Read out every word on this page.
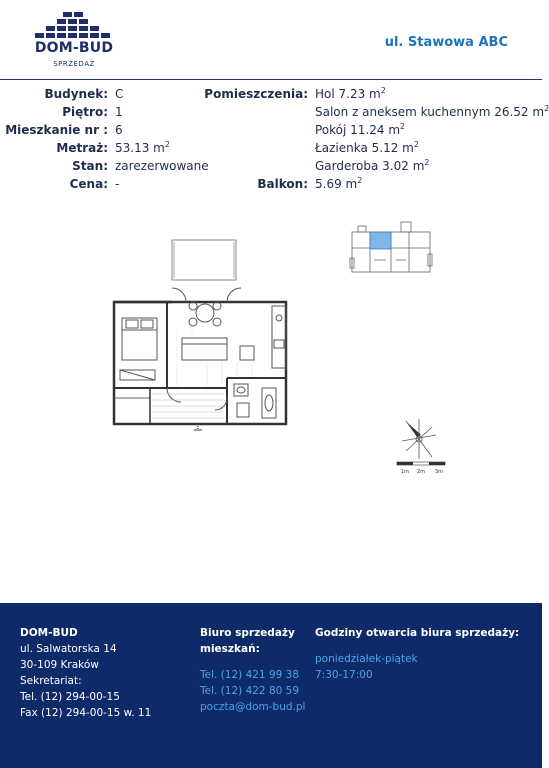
DOM-BUD
SPRZEDAŻ
ul. Stawowa ABC
Budynek: C
Piętro: 1
Mieszkanie nr : 6
Metraż: 53.13 $m^2$
Stan: zarezerwowane
Cena: -
Pomieszczenia: Hol 7.23 $m^2$
Salon z aneksem kuchennym 26.52 $m^2$
Pokój 11.24 $m^2$
Łazienka 5.12 $m^2$
Garderoba 3.02 $m^2$
Balkon: 5.69 $m^2$
1m 2m 3m
DOM-BUD
ul. Salwatorska 14
30-109 Kraków
Sekretariat:
Tel. (12) 294-00-15
Fax (12) 294-00-15 w. 11
Biuro sprzedaży
mieszkań:
Tel. (12) 421 99 38
Tel. (12) 422 80 59
poczta@dom-bud.pl
Godziny otwarcia biura sprzedaży:
poniedziałek-piątek
7:30-17:00
